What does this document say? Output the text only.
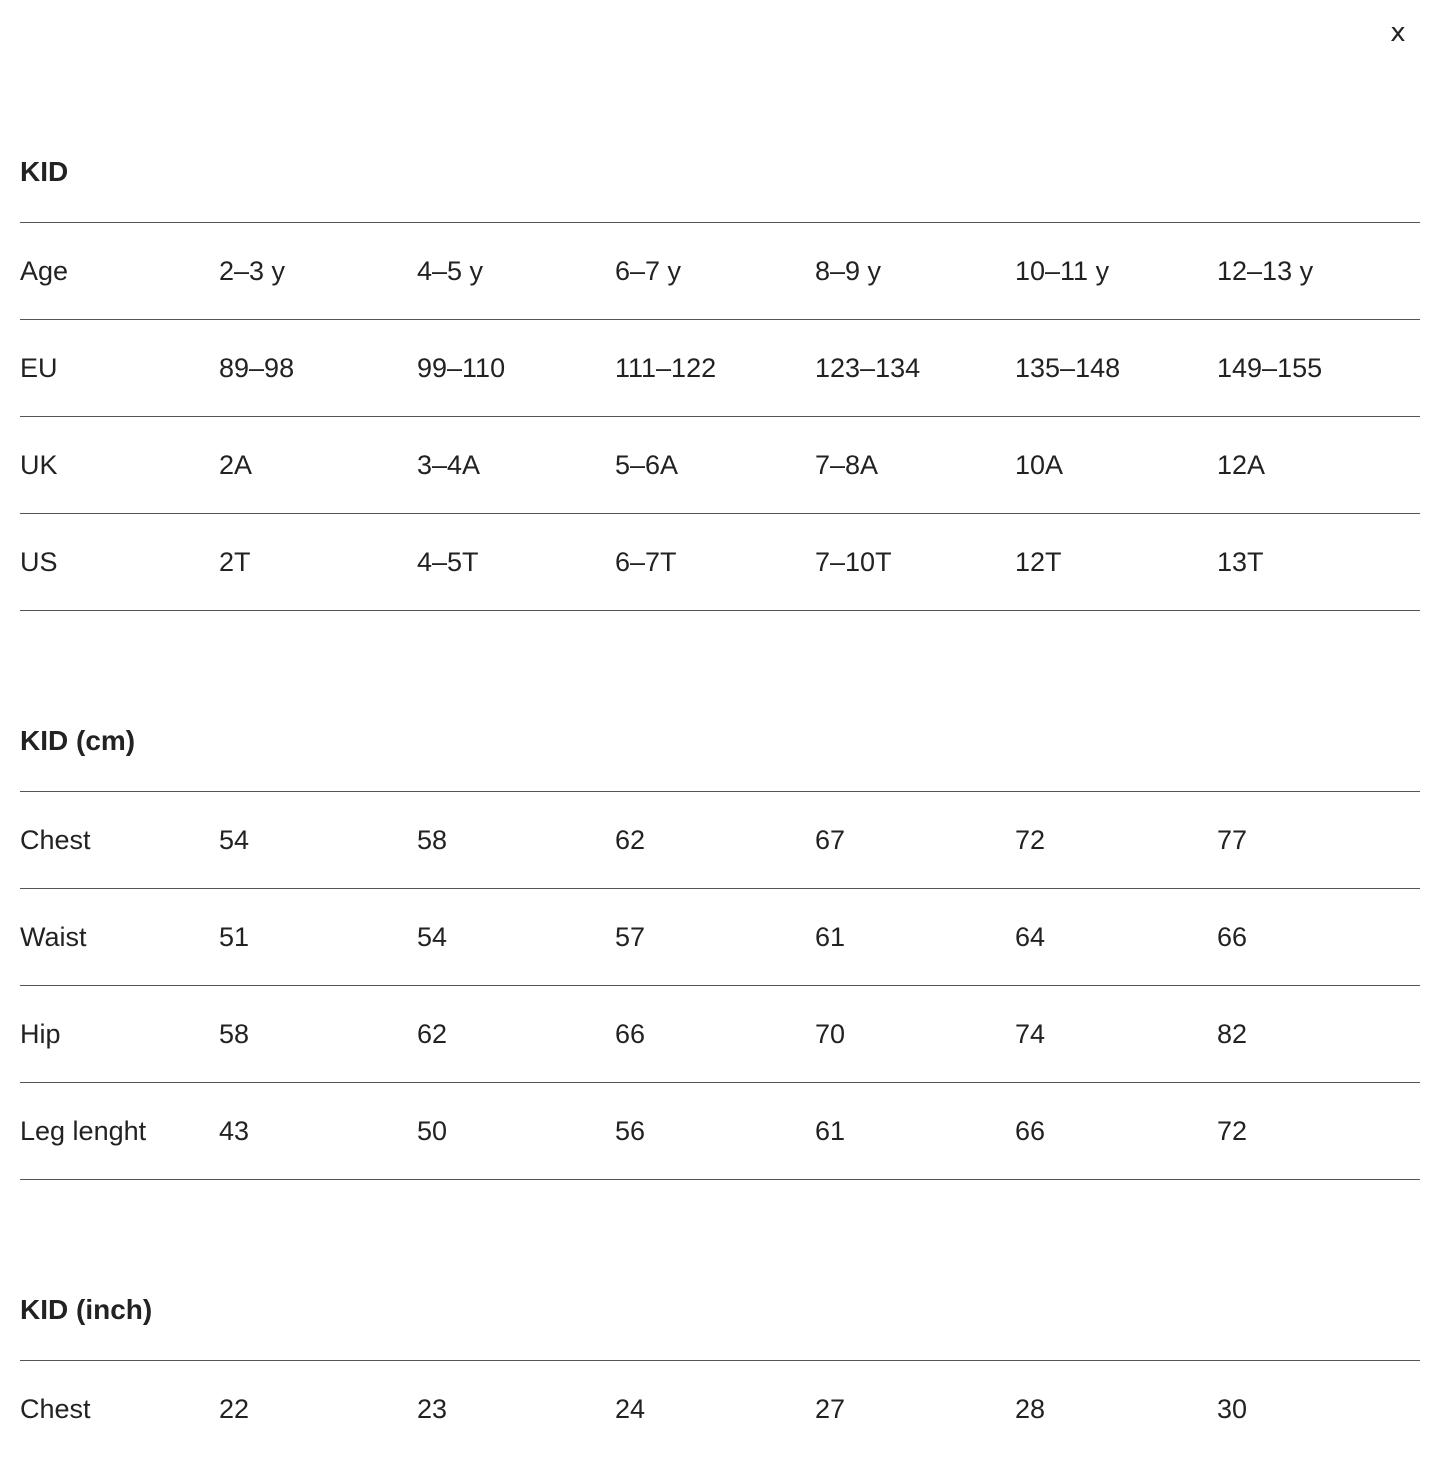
x
KID
Age	2–3 y	4–5 y	6–7 y	8–9 y	10–11 y	12–13 y
EU	89–98	99–110	111–122	123–134	135–148	149–155
UK	2A	3–4A	5–6A	7–8A	10A	12A
US	2T	4–5T	6–7T	7–10T	12T	13T
KID (cm)
Chest	54	58	62	67	72	77
Waist	51	54	57	61	64	66
Hip	58	62	66	70	74	82
Leg lenght	43	50	56	61	66	72
KID (inch)
Chest	22	23	24	27	28	30
